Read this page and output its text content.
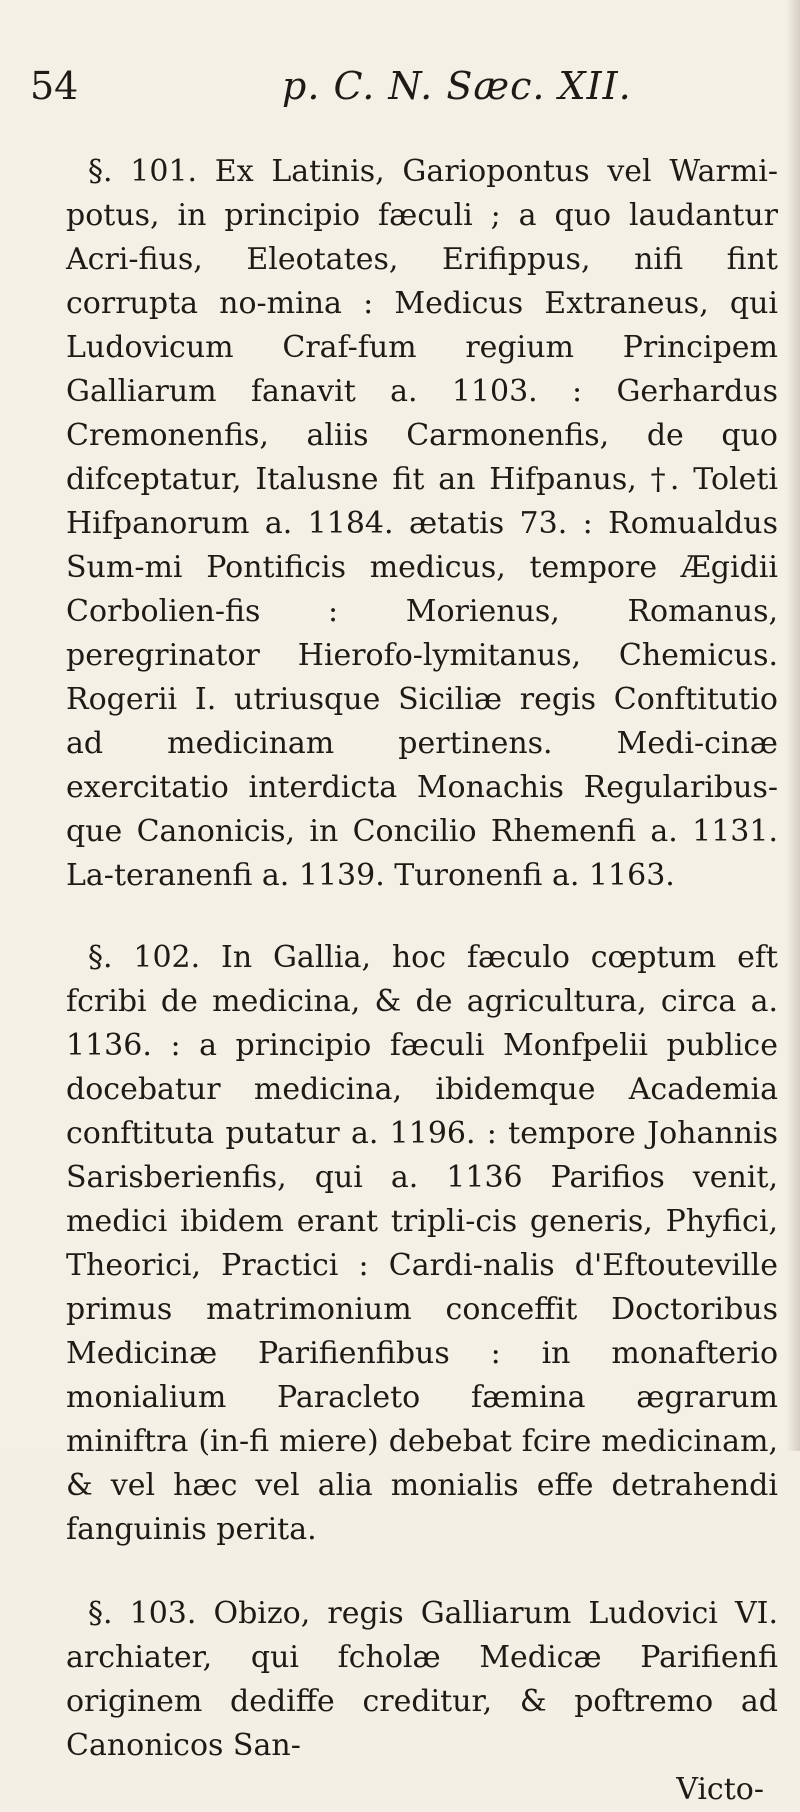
54	p. C. N. Sæc. XII.

§. 101. Ex Latinis, Gariopontus vel Warmi-potus, in principio fæculi ; a quo laudantur Acri-fius, Eleotates, Erifippus, nifi fint corrupta no-mina : Medicus Extraneus, qui Ludovicum Craf-fum regium Principem Galliarum fanavit a. 1103. : Gerhardus Cremonenfis, aliis Carmonenfis, de quo difceptatur, Italusne fit an Hifpanus, †. Toleti Hifpanorum a. 1184. ætatis 73. : Romualdus Sum-mi Pontificis medicus, tempore Ægidii Corbolien-fis : Morienus, Romanus, peregrinator Hierofo-lymitanus, Chemicus. Rogerii I. utriusque Siciliæ regis Conftitutio ad medicinam pertinens. Medi-cinæ exercitatio interdicta Monachis Regularibus-que Canonicis, in Concilio Rhemenfi a. 1131. La-teranenfi a. 1139. Turonenfi a. 1163.

§. 102. In Gallia, hoc fæculo cœptum eft fcribi de medicina, & de agricultura, circa a. 1136. : a principio fæculi Monfpelii publice docebatur medicina, ibidemque Academia conftituta putatur a. 1196. : tempore Johannis Sarisberienfis, qui a. 1136 Parifios venit, medici ibidem erant tripli-cis generis, Phyfici, Theorici, Practici : Cardi-nalis d'Eftouteville primus matrimonium conceffit Doctoribus Medicinæ Parifienfibus : in monafterio monialium Paracleto fæmina ægrarum miniftra (in-fi miere) debebat fcire medicinam, & vel hæc vel alia monialis effe detrahendi fanguinis perita.

§. 103. Obizo, regis Galliarum Ludovici VI. archiater, qui fcholæ Medicæ Parifienfi originem dediffe creditur, & poftremo ad Canonicos San-

Victo-
